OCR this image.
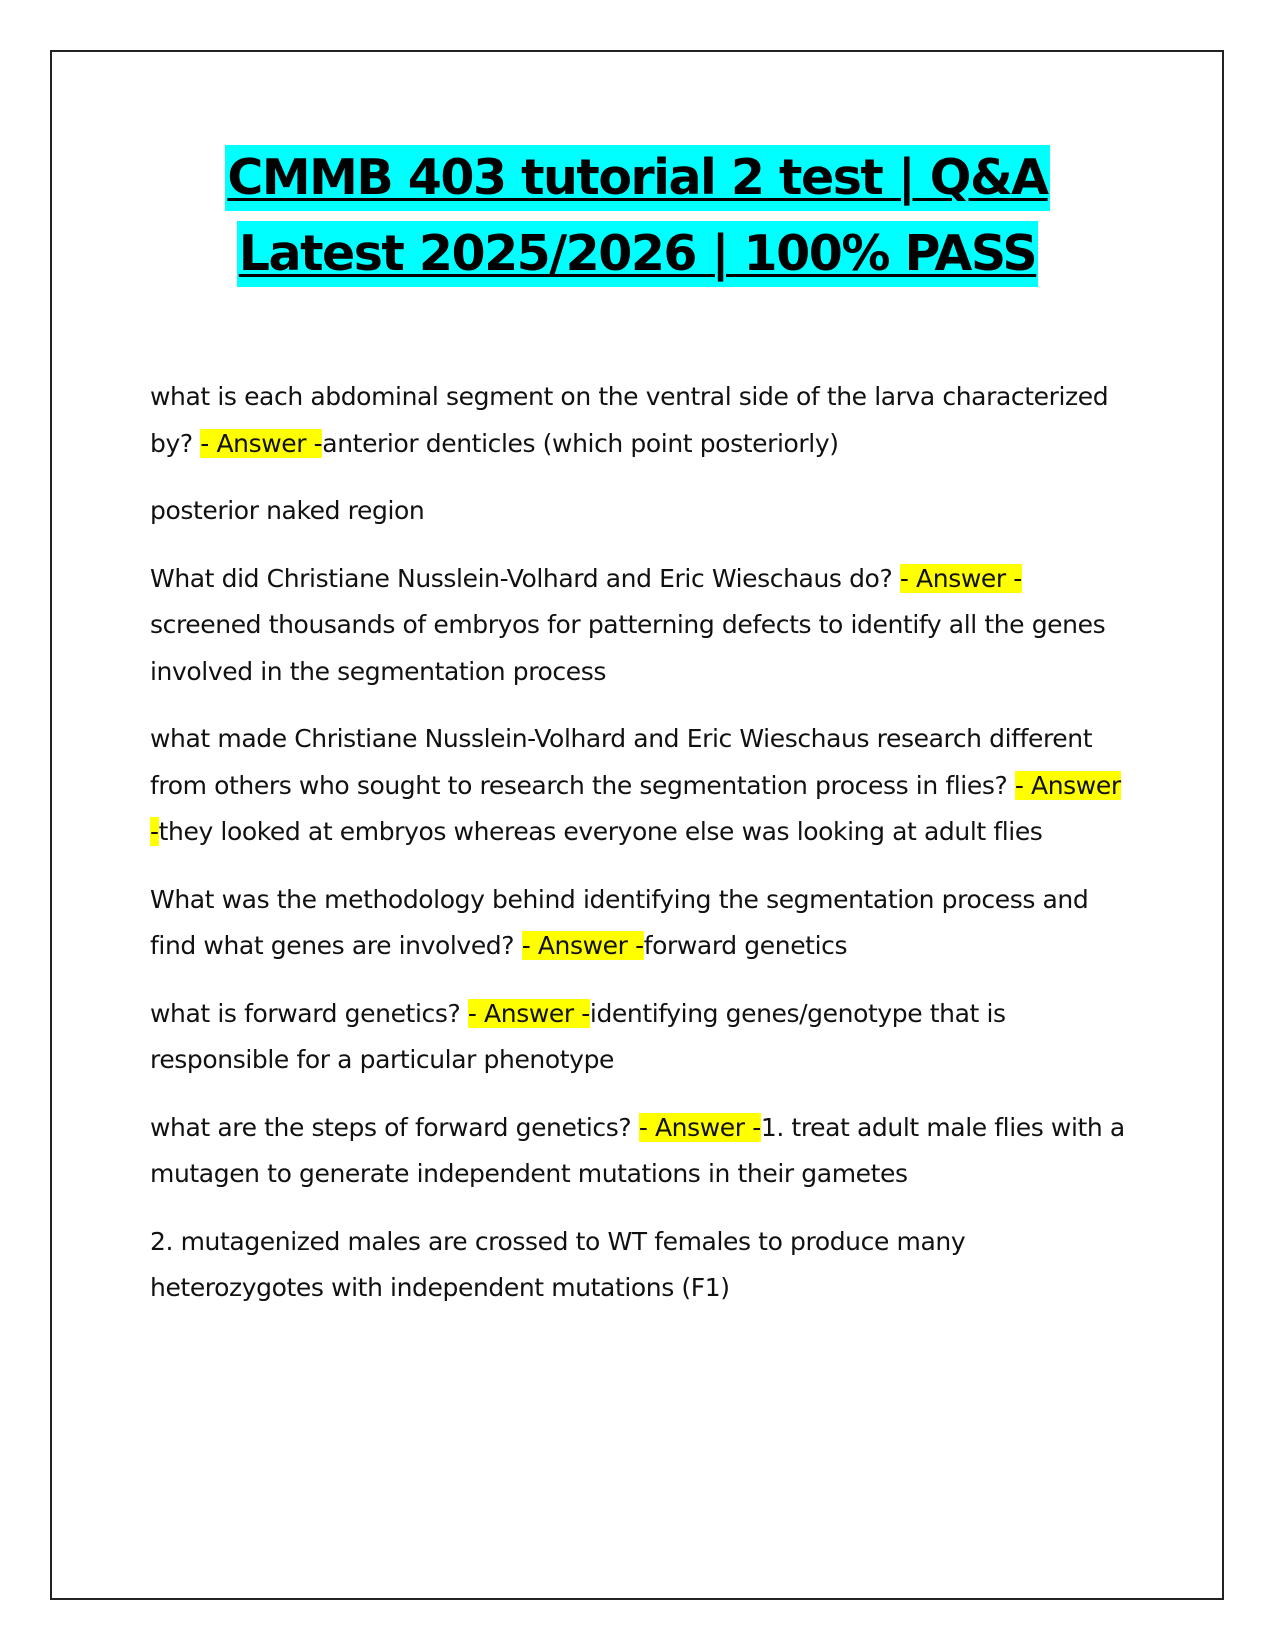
CMMB 403 tutorial 2 test | Q&A
Latest 2025/2026 | 100% PASS

what is each abdominal segment on the ventral side of the larva characterized by? - Answer -anterior denticles (which point posteriorly)

posterior naked region

What did Christiane Nusslein-Volhard and Eric Wieschaus do? - Answer -screened thousands of embryos for patterning defects to identify all the genes involved in the segmentation process

what made Christiane Nusslein-Volhard and Eric Wieschaus research different from others who sought to research the segmentation process in flies? - Answer -they looked at embryos whereas everyone else was looking at adult flies

What was the methodology behind identifying the segmentation process and find what genes are involved? - Answer -forward genetics

what is forward genetics? - Answer -identifying genes/genotype that is responsible for a particular phenotype

what are the steps of forward genetics? - Answer -1. treat adult male flies with a mutagen to generate independent mutations in their gametes

2. mutagenized males are crossed to WT females to produce many heterozygotes with independent mutations (F1)
